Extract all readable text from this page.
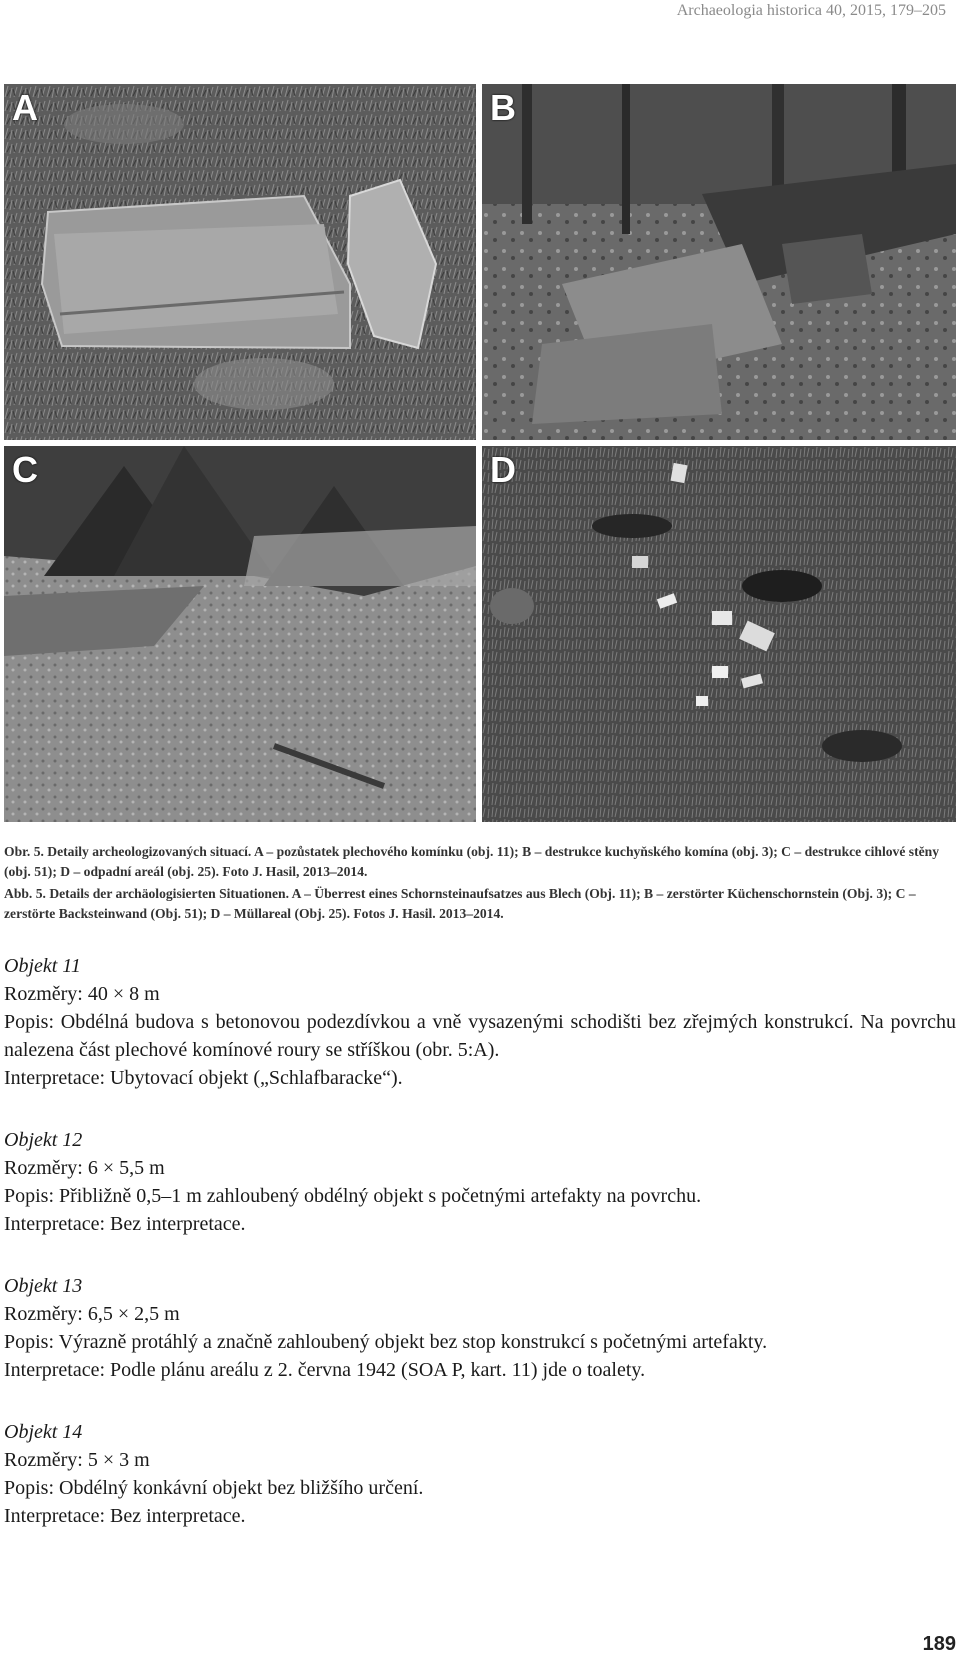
Archaeologia historica 40, 2015, 179–205
A	B
C	D

Obr. 5. Detaily archeologizovaných situací. A – pozůstatek plechového komínku (obj. 11); B – destrukce kuchyňského komína (obj. 3); C – destrukce cihlové stěny (obj. 51); D – odpadní areál (obj. 25). Foto J. Hasil, 2013–2014.

Abb. 5. Details der archäologisierten Situationen. A – Überrest eines Schornsteinaufsatzes aus Blech (Obj. 11); B – zerstörter Küchenschornstein (Obj. 3); C – zerstörte Backsteinwand (Obj. 51); D – Müllareal (Obj. 25). Fotos J. Hasil. 2013–2014.

Objekt 11

Rozměry: 40 × 8 m

Popis: Obdélná budova s betonovou podezdívkou a vně vysazenými schodišti bez zřejmých konstrukcí. Na povrchu nalezena část plechové komínové roury se stříškou (obr. 5:A).

Interpretace: Ubytovací objekt („Schlafbaracke“).

Objekt 12

Rozměry: 6 × 5,5 m

Popis: Přibližně 0,5–1 m zahloubený obdélný objekt s početnými artefakty na povrchu.

Interpretace: Bez interpretace.

Objekt 13

Rozměry: 6,5 × 2,5 m

Popis: Výrazně protáhlý a značně zahloubený objekt bez stop konstrukcí s početnými artefakty.

Interpretace: Podle plánu areálu z 2. června 1942 (SOA P, kart. 11) jde o toalety.

Objekt 14

Rozměry: 5 × 3 m

Popis: Obdélný konkávní objekt bez bližšího určení.

Interpretace: Bez interpretace.

189
